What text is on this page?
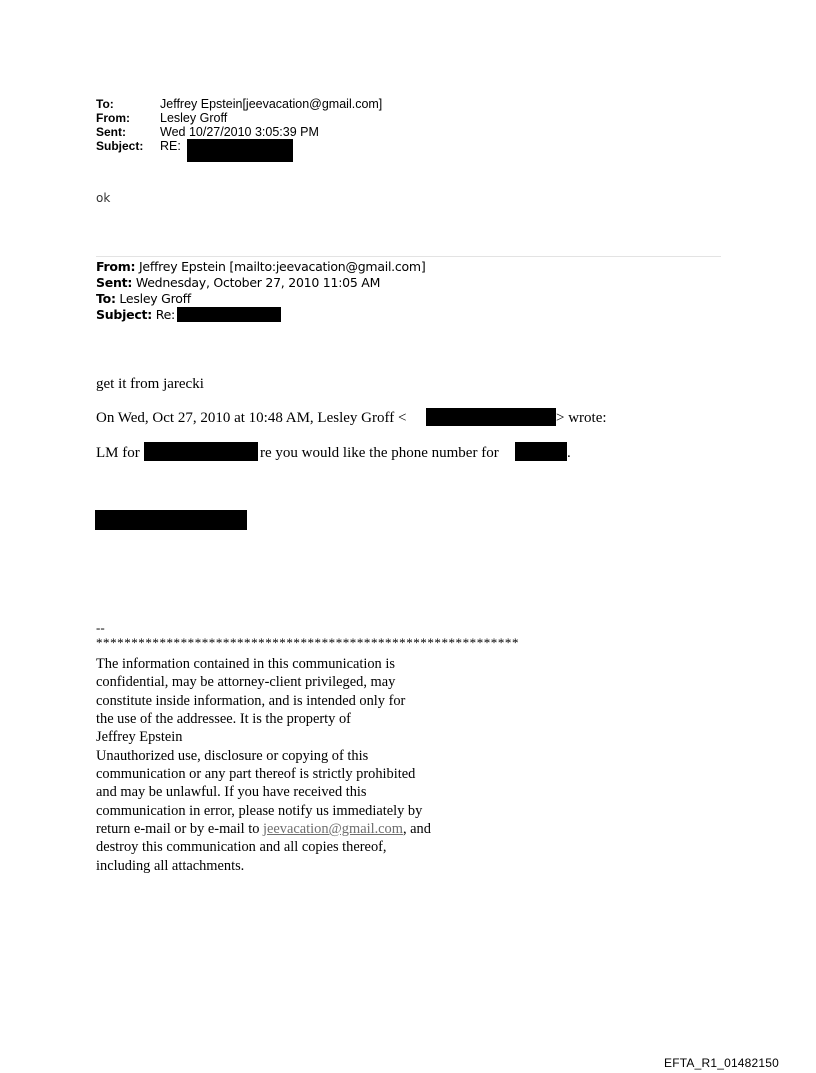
To:	Jeffrey Epstein[jeevacation@gmail.com]
From: Lesley Groff
Sent:	Wed 10/27/2010 3:05:39 PM
Subject: RE:
ok
From: Jeffrey Epstein [mailto:jeevacation@gmail.com]
Sent: Wednesday, October 27, 2010 11:05 AM
To: Lesley Groff
Subject: Re:
get it from jarecki
On Wed, Oct 27, 2010 at 10:48 AM, Lesley Groff <	> wrote:
LM for	re you would like the phone number for	.
--
************************************************************
The information contained in this communication is
confidential, may be attorney-client privileged, may
constitute inside information, and is intended only for
the use of the addressee. It is the property of
Jeffrey Epstein
Unauthorized use, disclosure or copying of this
communication or any part thereof is strictly prohibited
and may be unlawful. If you have received this
communication in error, please notify us immediately by
return e-mail or by e-mail to jeevacation@gmail.com, and
destroy this communication and all copies thereof,
including all attachments.
EFTA_R1_01482150
